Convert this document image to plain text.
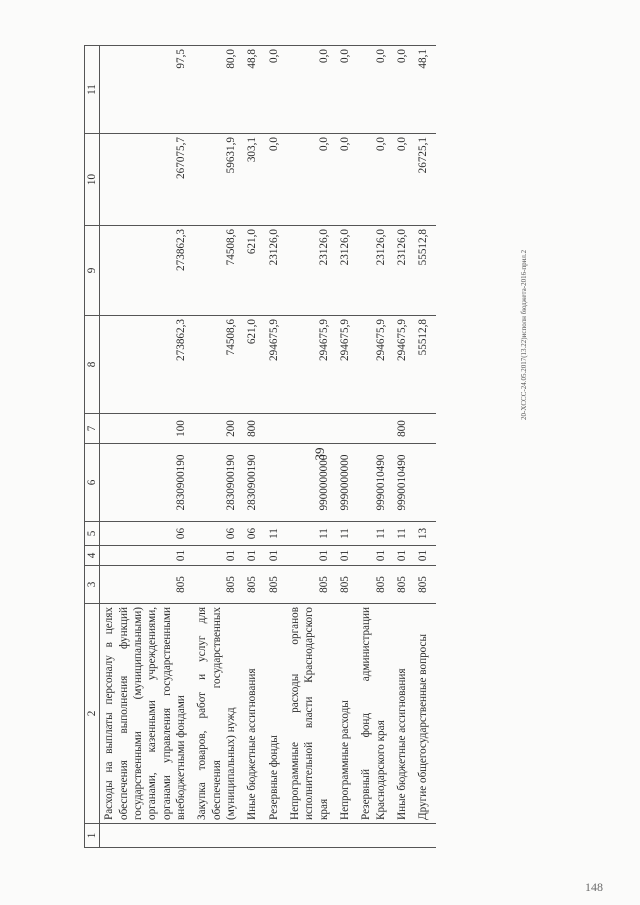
39
148
20-XCCC-24.05.2017(13.22)исполн бюджета-2016-прил.2
1	2	3	4	5	6	7	8	9	10	11
	Расходы на выплаты персоналу в целях обеспечения выполнения функций государственными (муниципальными) органами, казенными учреждениями, органами управления государственными внебюджетными фондами	805	01	06	2830900190	100	273862,3	273862,3	267075,7	97,5
	Закупка товаров, работ и услуг для обеспечения государственных (муниципальных) нужд	805	01	06	2830900190	200	74508,6	74508,6	59631,9	80,0
	Иные бюджетные ассигнования	805	01	06	2830900190	800	621,0	621,0	303,1	48,8
	Резервные фонды	805	01	11			294675,9	23126,0	0,0	0,0
	Непрограммные расходы органов исполнительной власти Краснодарского края	805	01	11	9900000000		294675,9	23126,0	0,0	0,0
	Непрограммные расходы	805	01	11	9990000000		294675,9	23126,0	0,0	0,0
	Резервный фонд администрации Краснодарского края	805	01	11	9990010490		294675,9	23126,0	0,0	0,0
	Иные бюджетные ассигнования	805	01	11	9990010490	800	294675,9	23126,0	0,0	0,0
	Другие общегосударственные вопросы	805	01	13			55512,8	55512,8	26725,1	48,1
